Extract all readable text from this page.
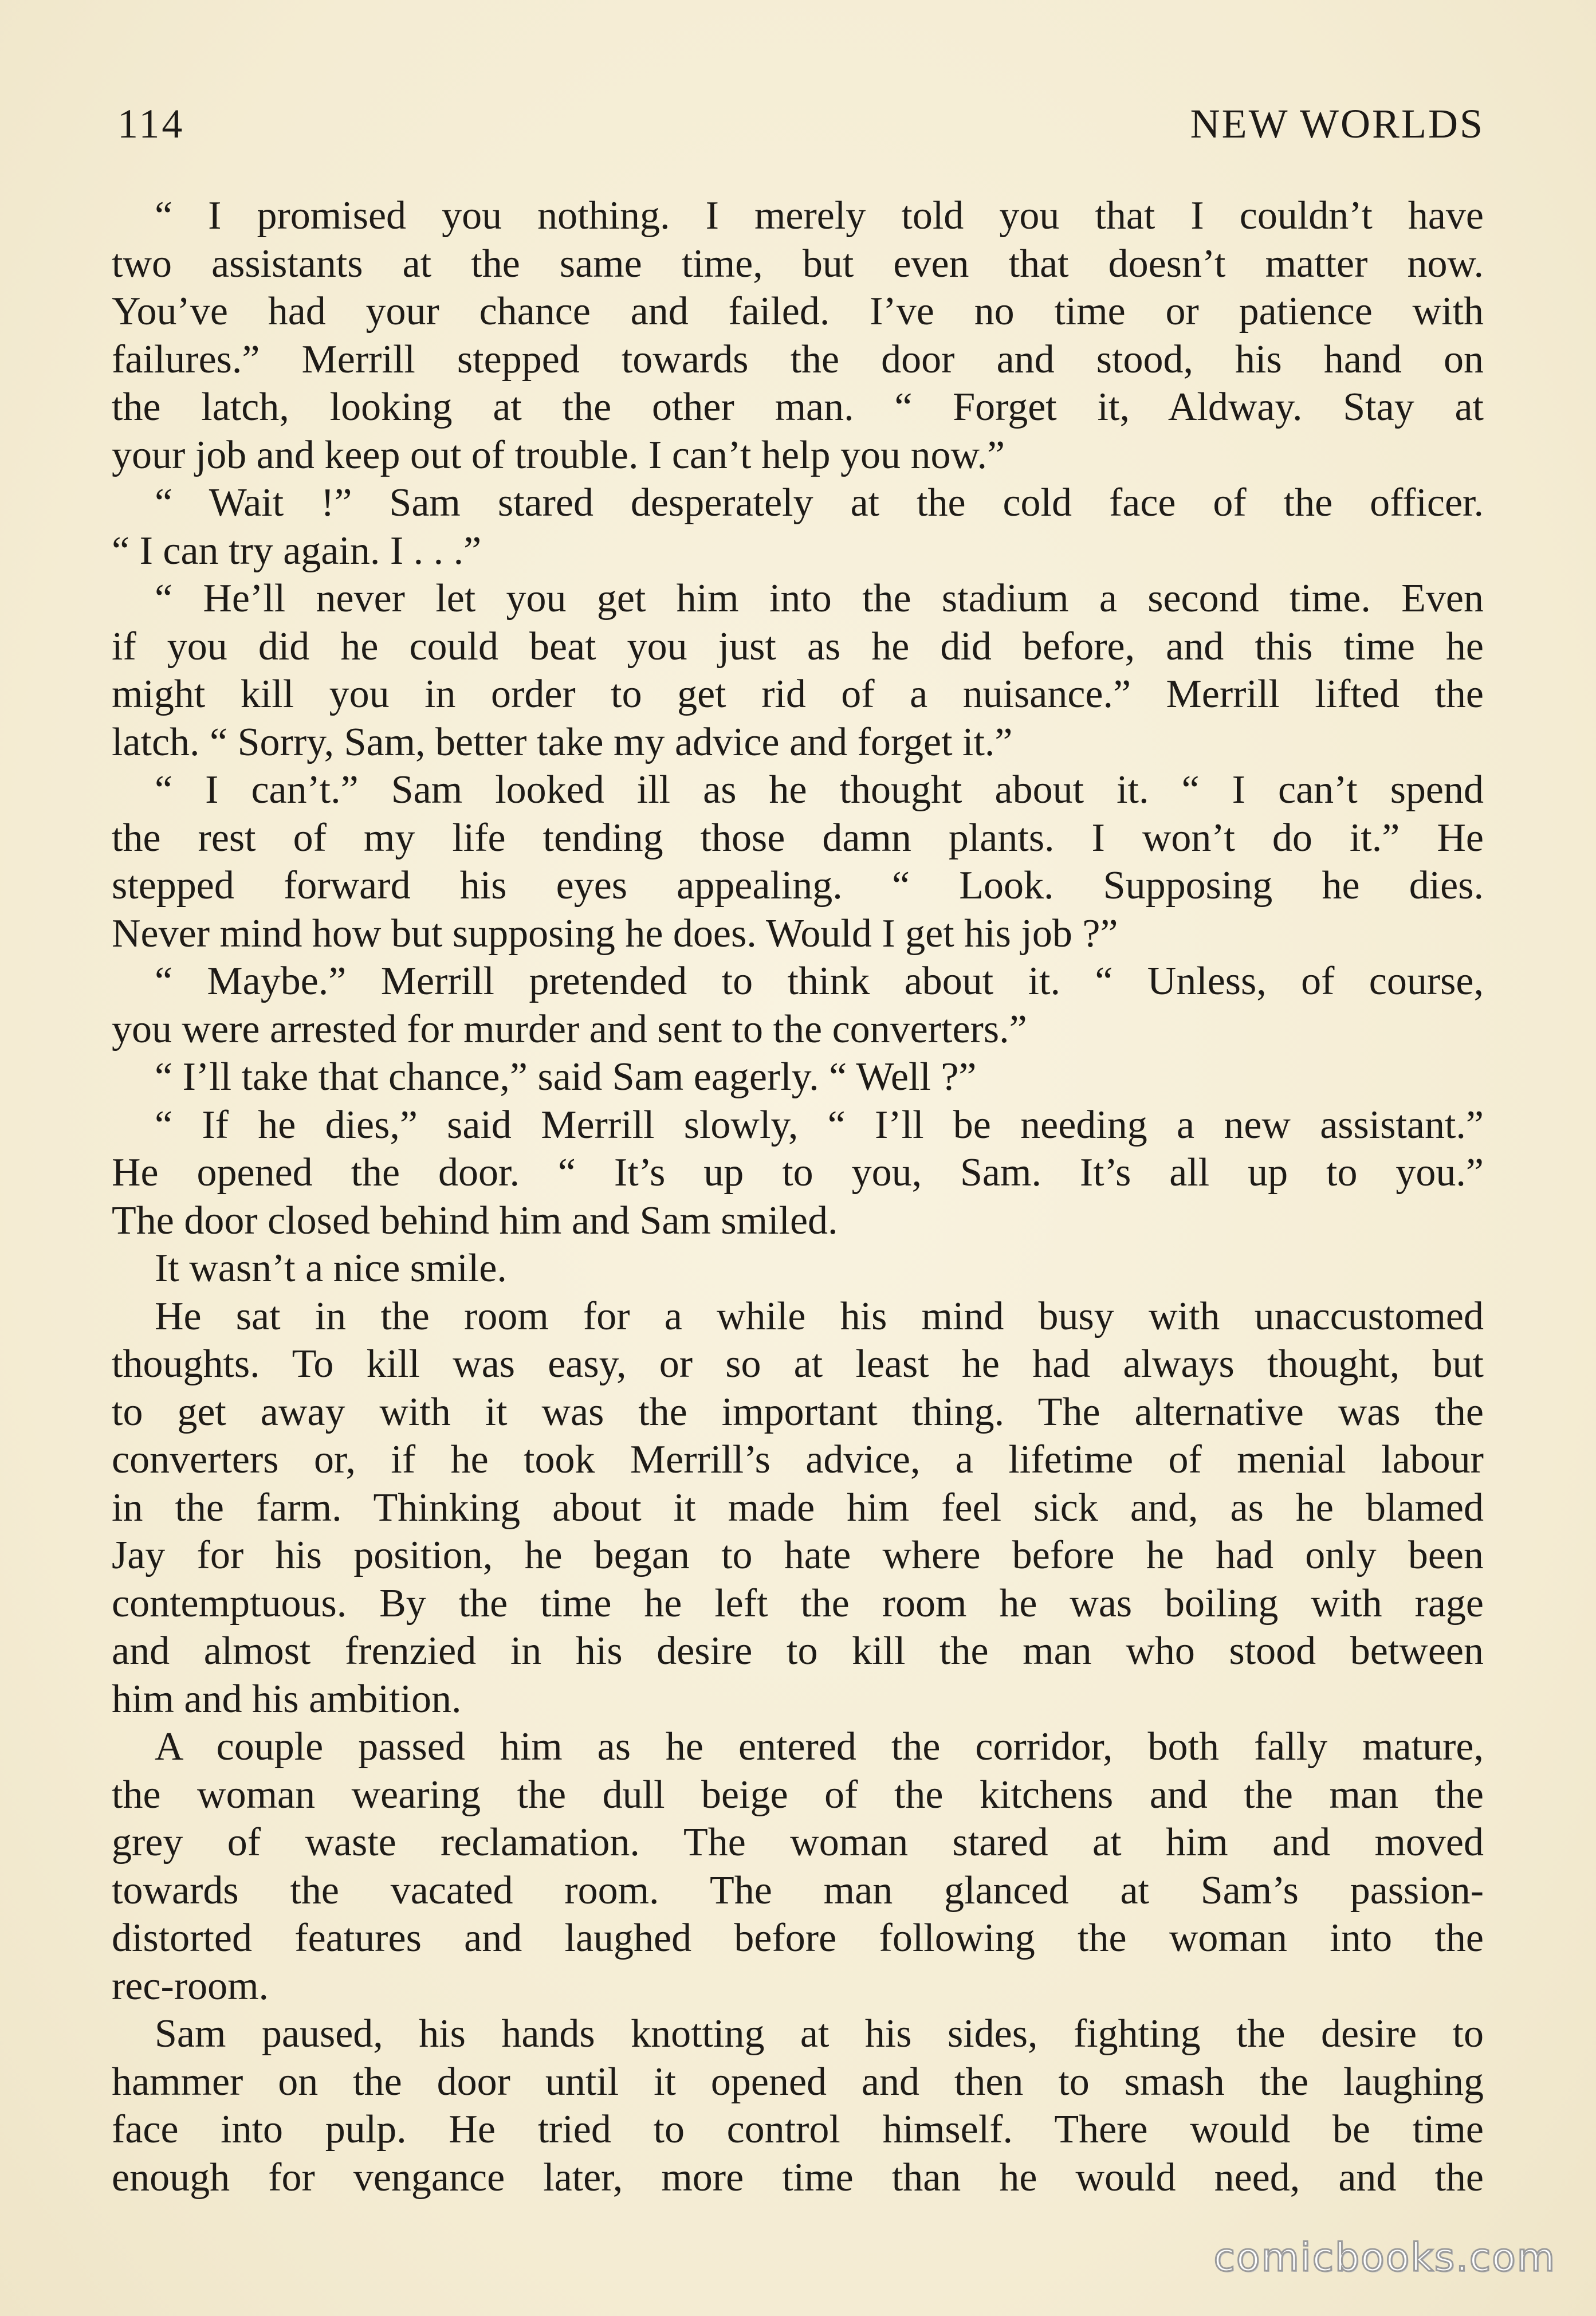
114	NEW WORLDS
“ I promised you nothing. I merely told you that I couldn’t have
two assistants at the same time, but even that doesn’t matter now.
You’ve had your chance and failed. I’ve no time or patience with
failures.” Merrill stepped towards the door and stood, his hand on
the latch, looking at the other man. “ Forget it, Aldway. Stay at
your job and keep out of trouble. I can’t help you now.”
“ Wait !” Sam stared desperately at the cold face of the officer.
“ I can try again. I . . .”
“ He’ll never let you get him into the stadium a second time. Even
if you did he could beat you just as he did before, and this time he
might kill you in order to get rid of a nuisance.” Merrill lifted the
latch. “ Sorry, Sam, better take my advice and forget it.”
“ I can’t.” Sam looked ill as he thought about it. “ I can’t spend
the rest of my life tending those damn plants. I won’t do it.” He
stepped forward his eyes appealing. “ Look. Supposing he dies.
Never mind how but supposing he does. Would I get his job ?”
“ Maybe.” Merrill pretended to think about it. “ Unless, of course,
you were arrested for murder and sent to the converters.”
“ I’ll take that chance,” said Sam eagerly. “ Well ?”
“ If he dies,” said Merrill slowly, “ I’ll be needing a new assistant.”
He opened the door. “ It’s up to you, Sam. It’s all up to you.”
The door closed behind him and Sam smiled.
It wasn’t a nice smile.
He sat in the room for a while his mind busy with unaccustomed
thoughts. To kill was easy, or so at least he had always thought, but
to get away with it was the important thing. The alternative was the
converters or, if he took Merrill’s advice, a lifetime of menial labour
in the farm. Thinking about it made him feel sick and, as he blamed
Jay for his position, he began to hate where before he had only been
contemptuous. By the time he left the room he was boiling with rage
and almost frenzied in his desire to kill the man who stood between
him and his ambition.
A couple passed him as he entered the corridor, both fally mature,
the woman wearing the dull beige of the kitchens and the man the
grey of waste reclamation. The woman stared at him and moved
towards the vacated room. The man glanced at Sam’s passion-
distorted features and laughed before following the woman into the
rec-room.
Sam paused, his hands knotting at his sides, fighting the desire to
hammer on the door until it opened and then to smash the laughing
face into pulp. He tried to control himself. There would be time
enough for vengance later, more time than he would need, and the
comicbooks.com
